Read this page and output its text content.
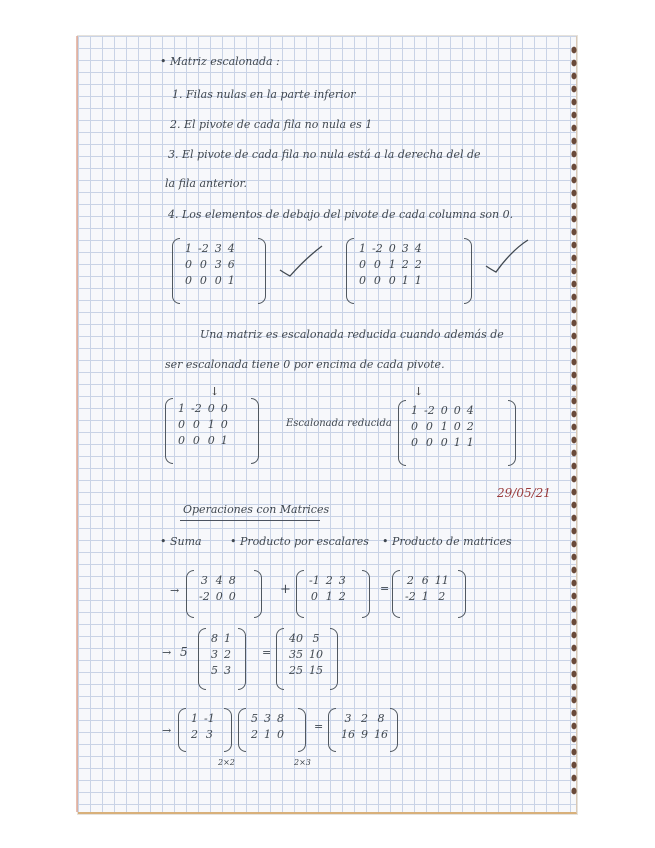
• Matriz escalonada :
1. Filas nulas en la parte inferior
2. El pivote de cada fila no nula es 1
3. El pivote de cada fila no nula está a la derecha del de
la fila anterior.
4. Los elementos de debajo del pivote de cada columna son 0.
1	-2	3	4
0	0	3	6
0	0	0	1
1	-2	0	3	4
0	0	1	2	2
0	0	0	1	1
Una matriz es escalonada reducida cuando además de
ser escalonada tiene 0 por encima de cada pivote.
↓
1	-2	0	0
0	0	1	0
0	0	0	1
Escalonada reducida
↓
1	-2	0	0	4
0	0	1	0	2
0	0	0	1	1
29/05/21
Operaciones con Matrices
• Suma	• Producto por escalares • Producto de matrices
→
3	4	8
-2	0	0	+
-1	2	3
0	1	2
=
2	6	11
-2	1	2
→ 5
8	1
3	2
5	3
=
40	5
35	10
25	15
→
1	-1
2	3
5	3	8
2	1	0
=
3	2	8
16	9	16
2×2	2×3
